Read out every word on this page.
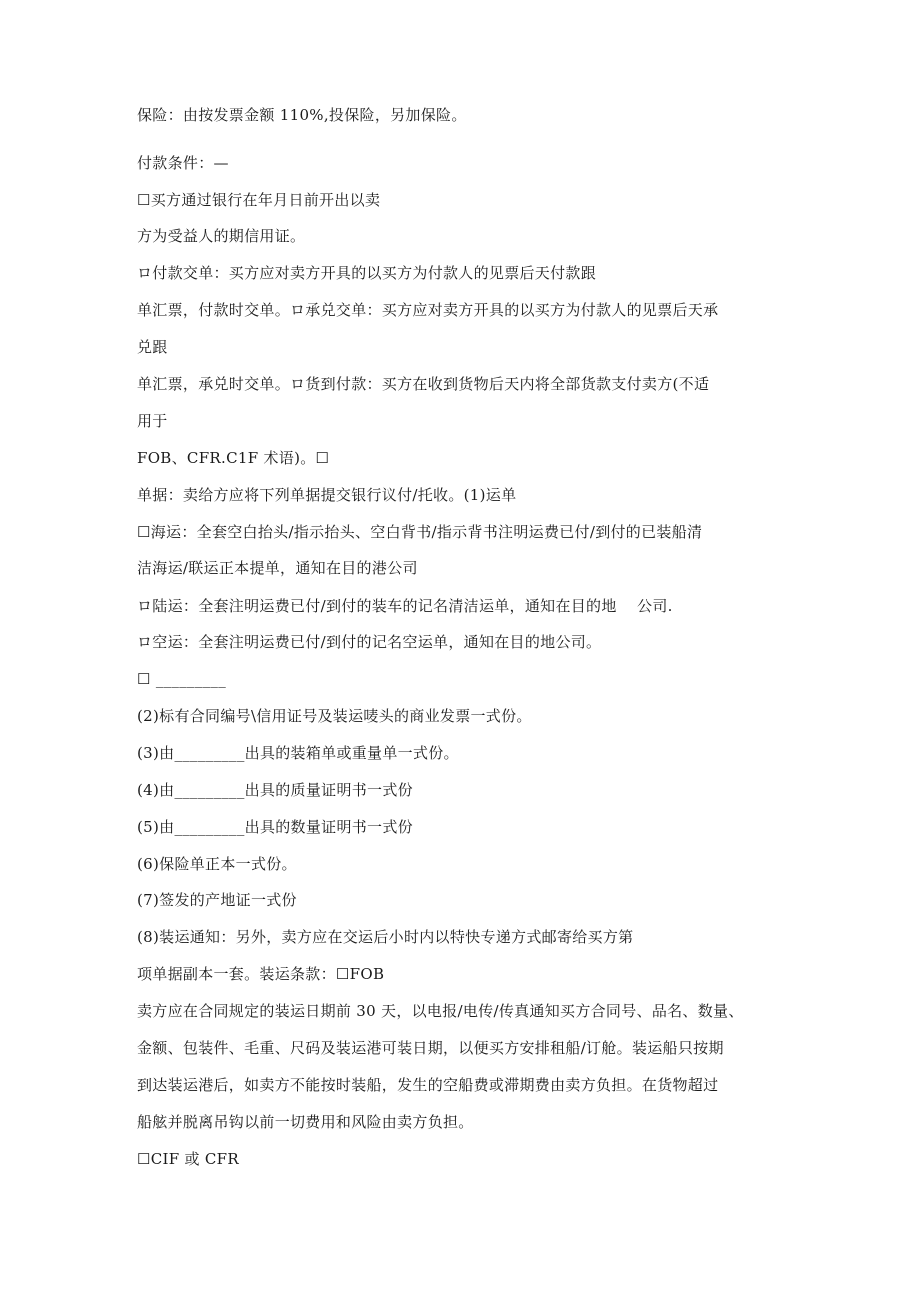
保险：由按发票金额 110%,投保险，另加保险。
付款条件：—
☐买方通过银行在年月日前开出以卖
方为受益人的期信用证。
ロ付款交单：买方应对卖方开具的以买方为付款人的见票后天付款跟
单汇票，付款时交单。ロ承兑交单：买方应对卖方开具的以买方为付款人的见票后天承
兑跟
单汇票，承兑时交单。ロ货到付款：买方在收到货物后天内将全部货款支付卖方(不适
用于
FOB、CFR.C1F 术语)。☐
单据：卖给方应将下列单据提交银行议付/托收。(1)运单
☐海运：全套空白抬头/指示抬头、空白背书/指示背书注明运费已付/到付的已装船清
洁海运/联运正本提单，通知在目的港公司
ロ陆运：全套注明运费已付/到付的装车的记名清洁运单，通知在目的地　 公司.
ロ空运：全套注明运费已付/到付的记名空运单，通知在目的地公司。
☐ _________
(2)标有合同编号\信用证号及装运唛头的商业发票一式份。
(3)由_________出具的装箱单或重量单一式份。
(4)由_________出具的质量证明书一式份
(5)由_________出具的数量证明书一式份
(6)保险单正本一式份。
(7)签发的产地证一式份
(8)装运通知：另外，卖方应在交运后小时内以特快专递方式邮寄给买方第
项单据副本一套。装运条款：☐FOB
卖方应在合同规定的装运日期前 30 天，以电报/电传/传真通知买方合同号、品名、数量、
金额、包装件、毛重、尺码及装运港可装日期，以便买方安排租船/订舱。装运船只按期
到达装运港后，如卖方不能按时装船，发生的空船费或滞期费由卖方负担。在货物超过
船舷并脱离吊钩以前一切费用和风险由卖方负担。
☐CIF 或 CFR
